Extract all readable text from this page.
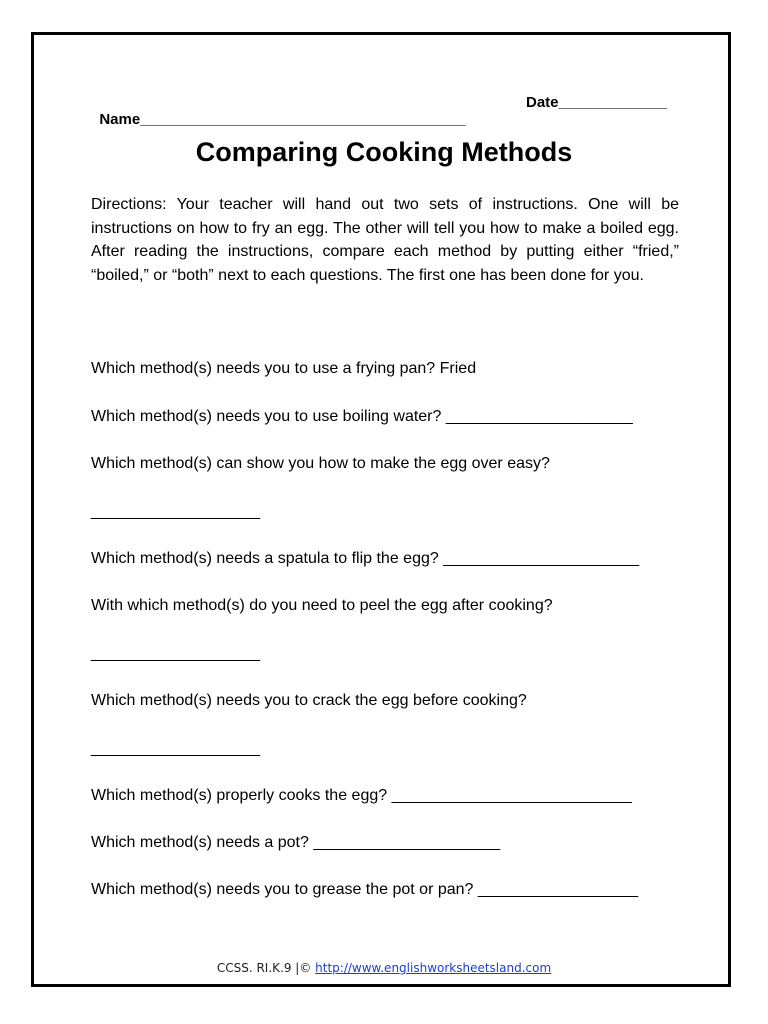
Name_______________________________________

Date_____________

Comparing Cooking Methods
Directions: Your teacher will hand out two sets of instructions. One will be instructions on how to fry an egg. The other will tell you how to make a boiled egg. After reading the instructions, compare each method by putting either “fried,” “boiled,” or “both” next to each questions. The first one has been done for you.
Which method(s) needs you to use a frying pan? Fried
Which method(s) needs you to use boiling water? _____________________
Which method(s) can show you how to make the egg over easy?
___________________
Which method(s) needs a spatula to flip the egg? ______________________
With which method(s) do you need to peel the egg after cooking?
___________________
Which method(s) needs you to crack the egg before cooking?
___________________
Which method(s) properly cooks the egg? ___________________________
Which method(s) needs a pot? _____________________
Which method(s) needs you to grease the pot or pan? __________________
CCSS. RI.K.9 |© http://www.englishworksheetsland.com
